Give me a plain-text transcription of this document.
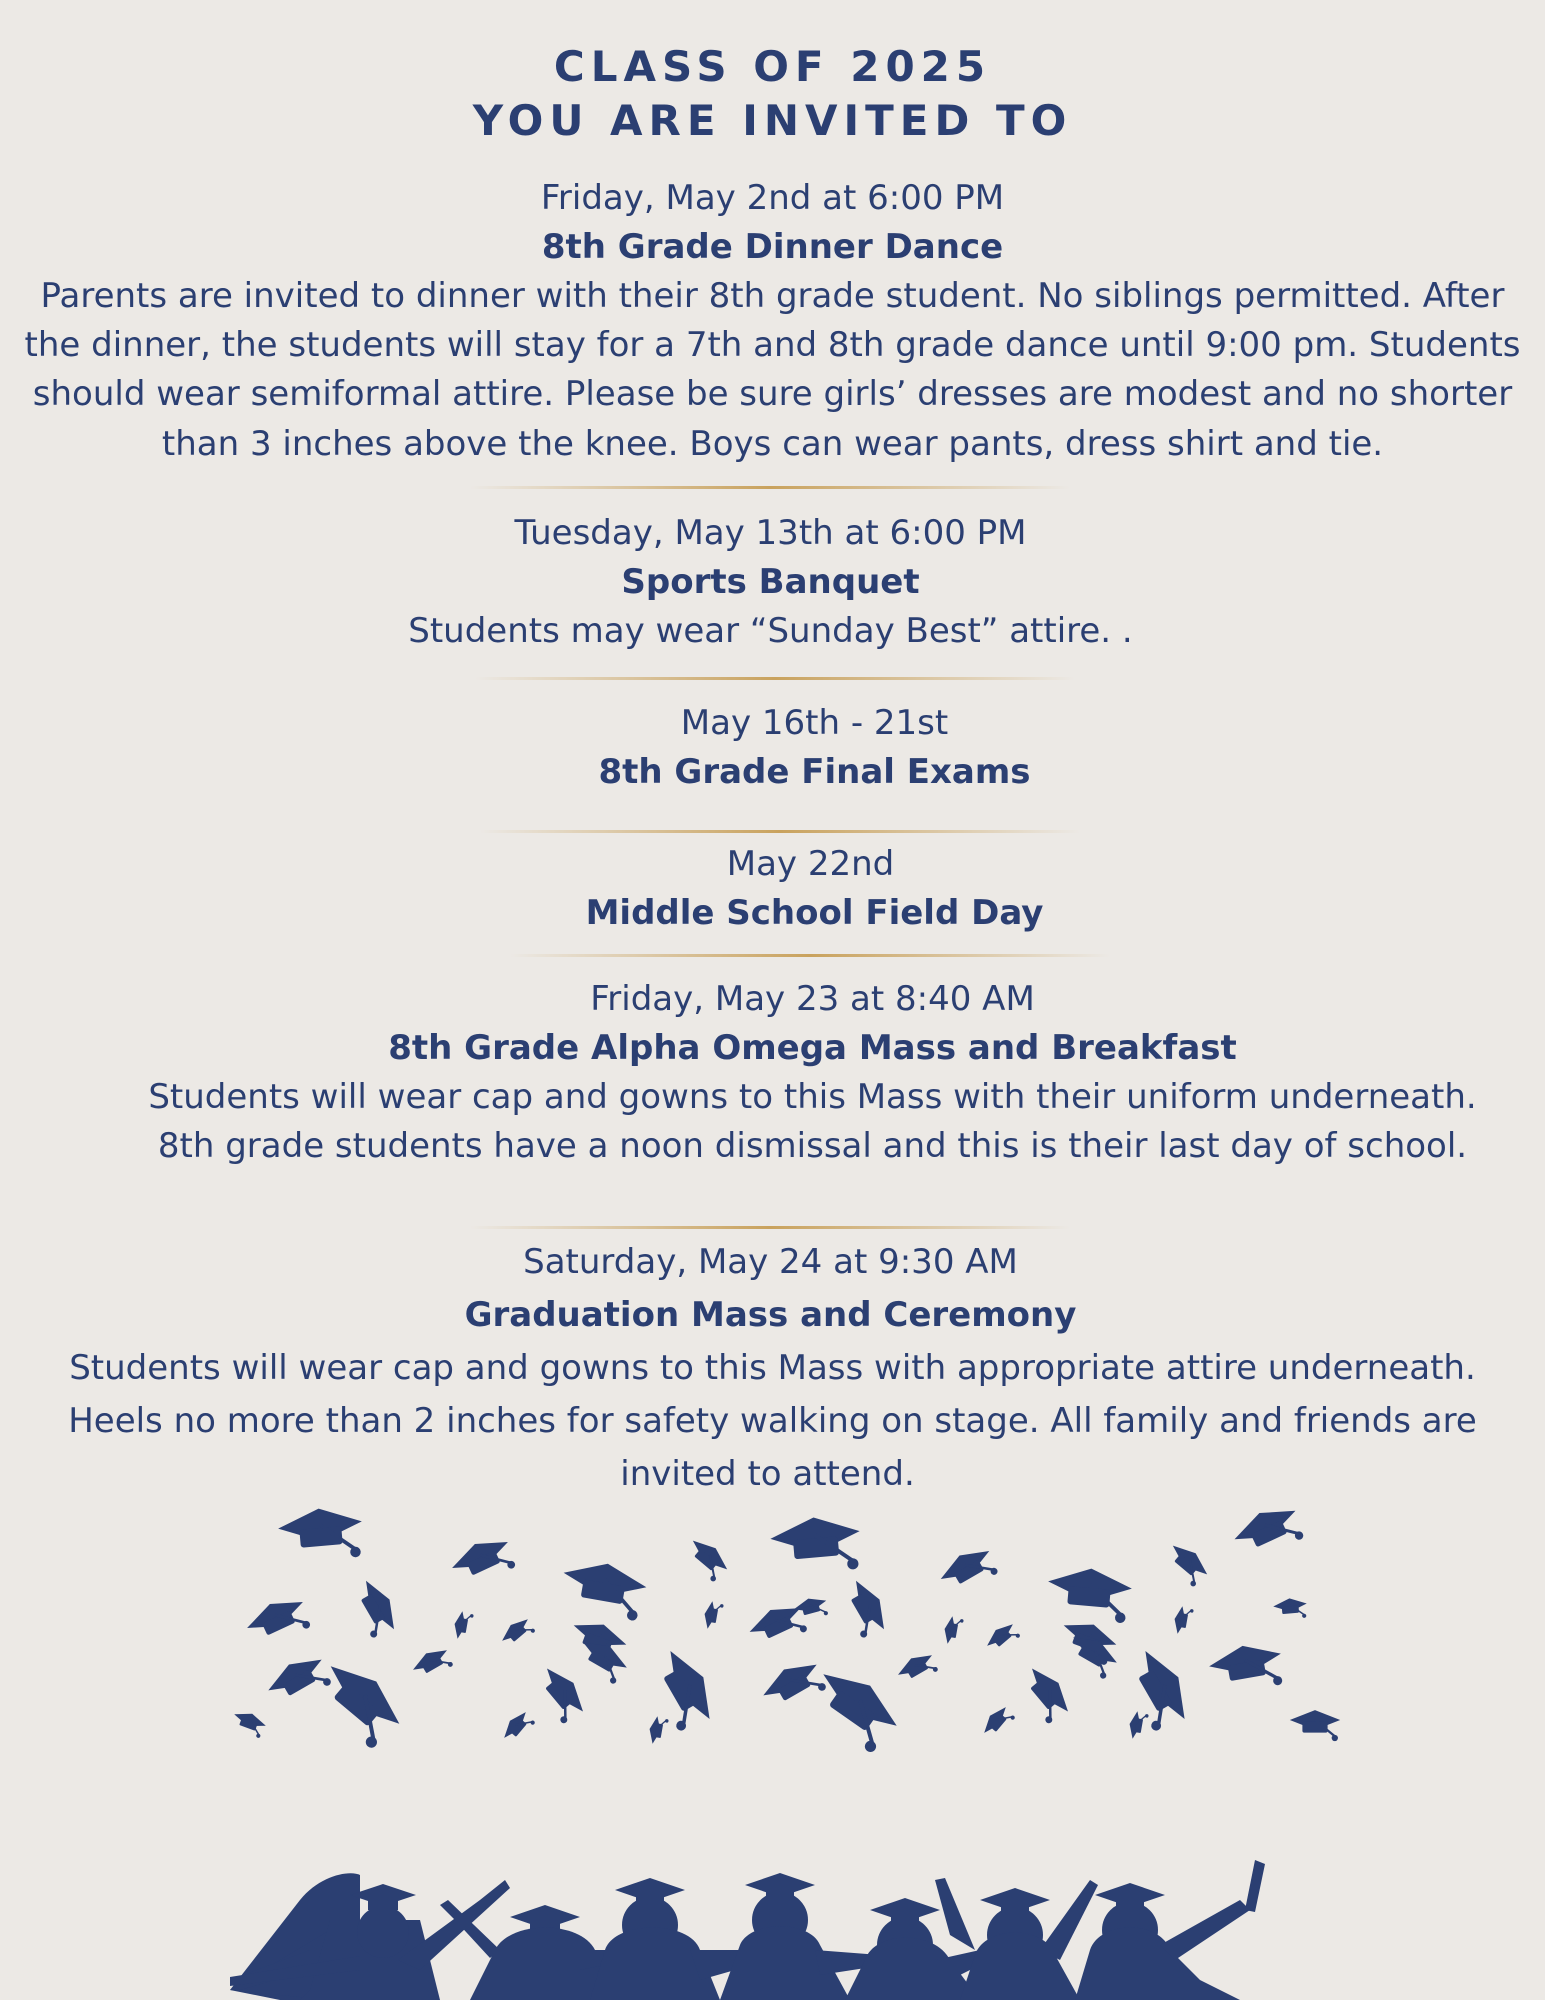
CLASS OF 2025
YOU ARE INVITED TO
Friday, May 2nd at 6:00 PM
8th Grade Dinner Dance
Parents are invited to dinner with their 8th grade student. No siblings permitted. After
the dinner, the students will stay for a 7th and 8th grade dance until 9:00 pm. Students
should wear semiformal attire. Please be sure girls’ dresses are modest and no shorter
than 3 inches above the knee. Boys can wear pants, dress shirt and tie.
Tuesday, May 13th at 6:00 PM
Sports Banquet
Students may wear “Sunday Best” attire. .
May 16th - 21st
8th Grade Final Exams
May 22nd
Middle School Field Day
Friday, May 23 at 8:40 AM
8th Grade Alpha Omega Mass and Breakfast
Students will wear cap and gowns to this Mass with their uniform underneath.
8th grade students have a noon dismissal and this is their last day of school.
Saturday, May 24 at 9:30 AM
Graduation Mass and Ceremony
Students will wear cap and gowns to this Mass with appropriate attire underneath.
Heels no more than 2 inches for safety walking on stage. All family and friends are
invited to attend.
